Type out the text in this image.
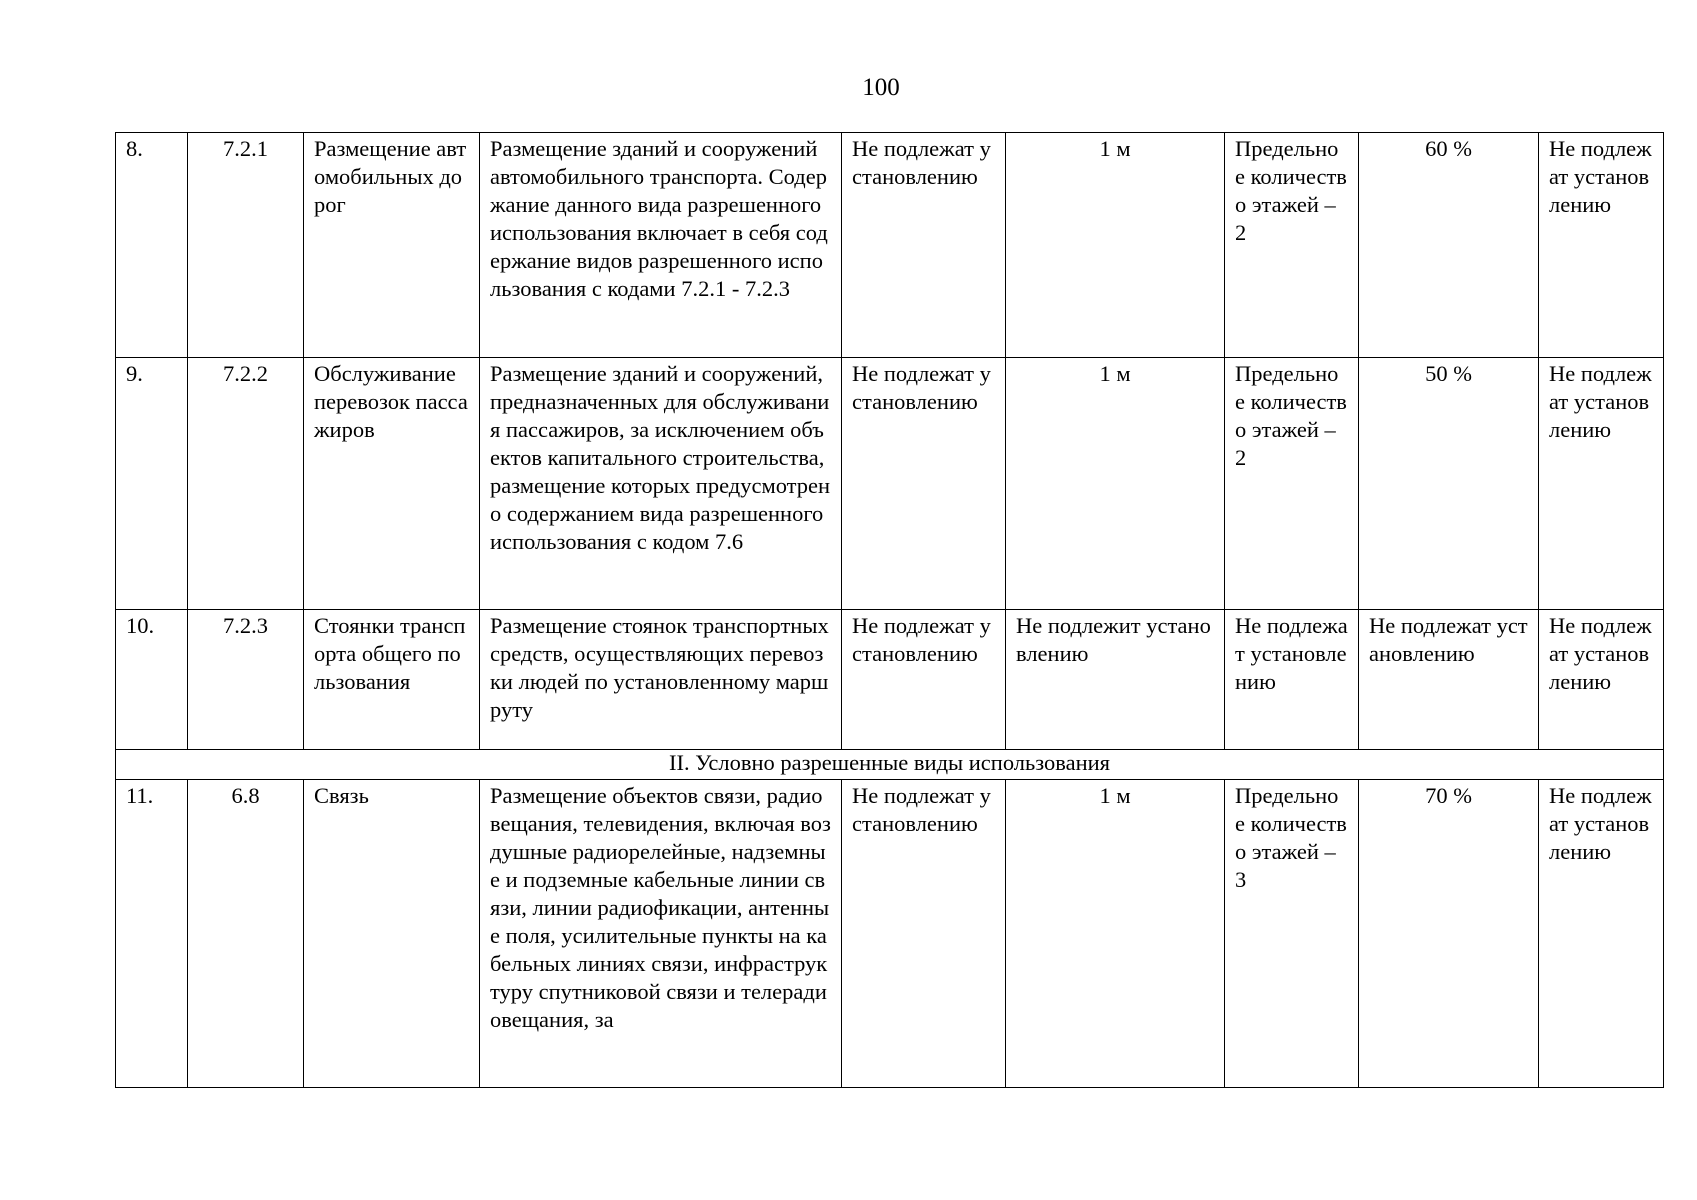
100
8.	7.2.1	Размещение автомобильных дорог	Размещение зданий и сооружений автомобильного транспорта. Содержание данного вида разрешенного использования включает в себя содержание видов разрешенного использования с кодами 7.2.1 - 7.2.3	Не подлежат установлению	1 м	Предельное количество этажей – 2	60 %	Не подлежат установлению
9.	7.2.2	Обслуживание перевозок пассажиров	Размещение зданий и сооружений, предназначенных для обслуживания пассажиров, за исключением объектов капитального строительства, размещение которых предусмотрено содержанием вида разрешенного использования с кодом 7.6	Не подлежат установлению	1 м	Предельное количество этажей – 2	50 %	Не подлежат установлению
10.	7.2.3	Стоянки транспорта общего пользования	Размещение стоянок транспортных средств, осуществляющих перевозки людей по установленному маршруту	Не подлежат установлению	Не подлежит установлению	Не подлежат установлению	Не подлежат установлению	Не подлежат установлению
II. Условно разрешенные виды использования								
11.	6.8	Связь	Размещение объектов связи, радиовещания, телевидения, включая воздушные радиорелейные, надземные и подземные кабельные линии связи, линии радиофикации, антенные поля, усилительные пункты на кабельных линиях связи, инфраструктуру спутниковой связи и телерадиовещания, за	Не подлежат установлению	1 м	Предельное количество этажей – 3	70 %	Не подлежат установлению
